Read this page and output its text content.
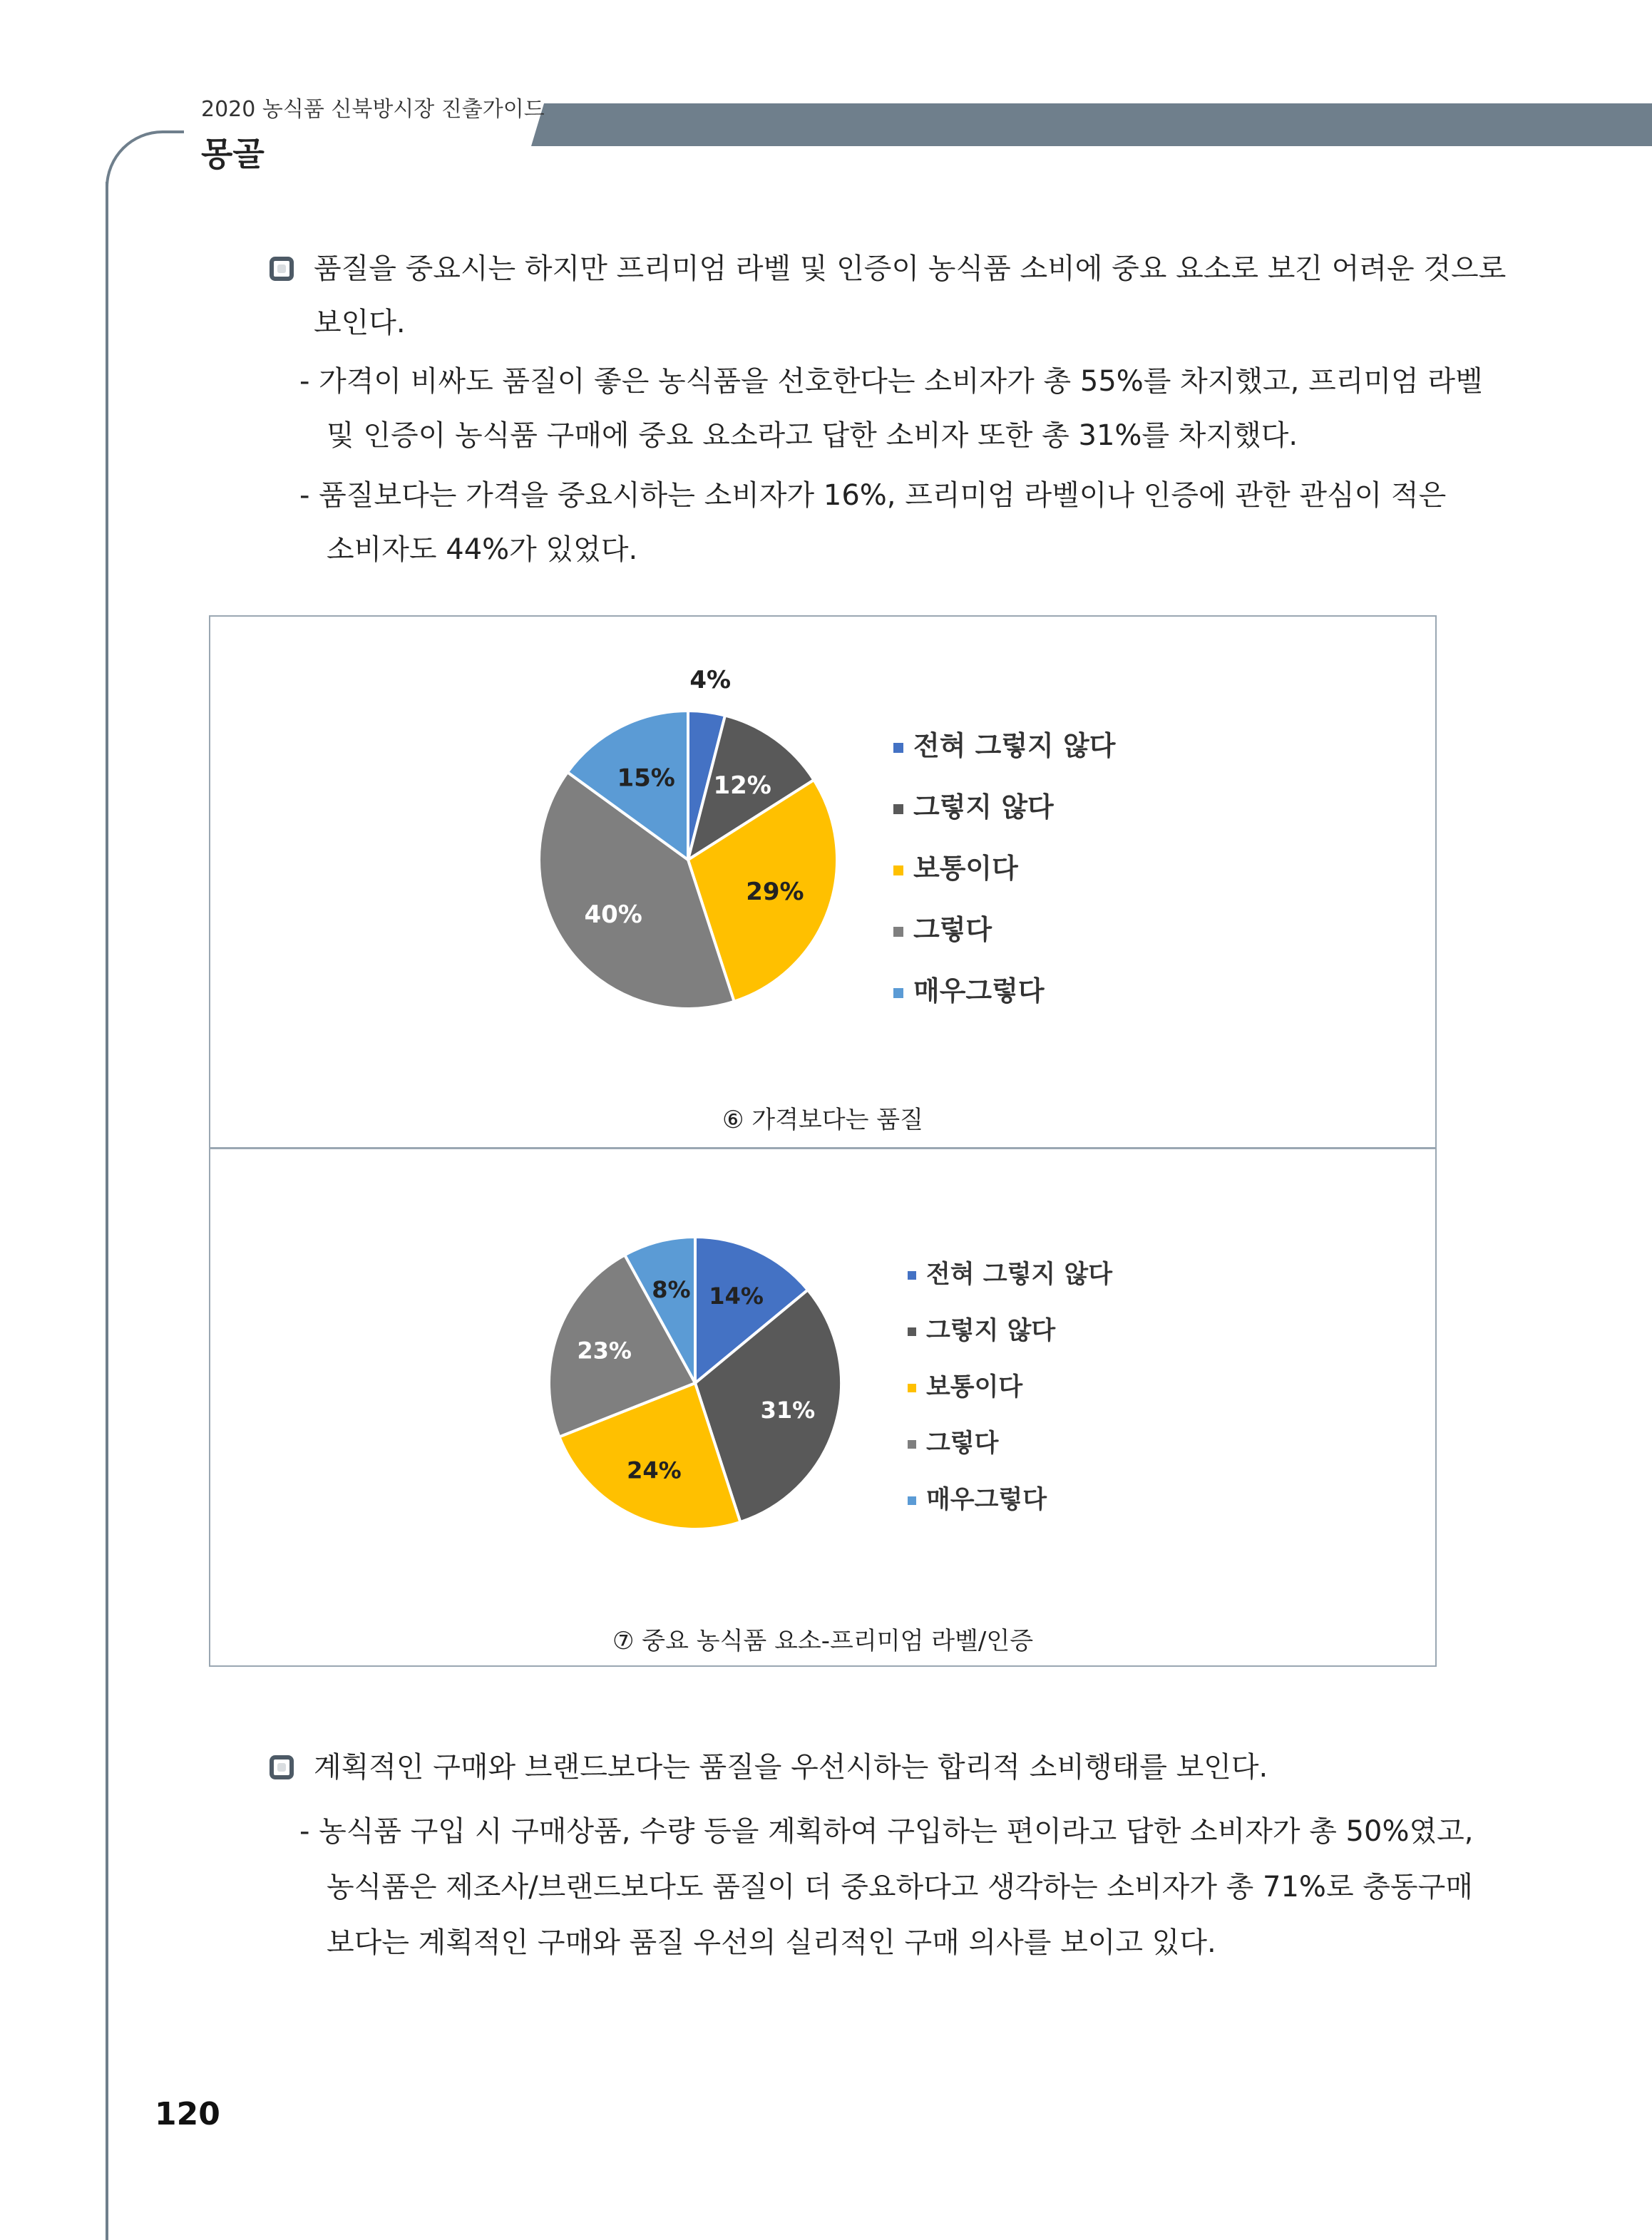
2020 농식품 신북방시장 진출가이드
몽골
품질을 중요시는 하지만 프리미엄 라벨 및 인증이 농식품 소비에 중요 요소로 보긴 어려운 것으로
보인다.
- 가격이 비싸도 품질이 좋은 농식품을 선호한다는 소비자가 총 55%를 차지했고, 프리미엄 라벨
및 인증이 농식품 구매에 중요 요소라고 답한 소비자 또한 총 31%를 차지했다.
- 품질보다는 가격을 중요시하는 소비자가 16%, 프리미엄 라벨이나 인증에 관한 관심이 적은
소비자도 44%가 있었다.
4%
12%
29%
40%
15%
전혀 그렇지 않다
그렇지 않다
보통이다
그렇다
매우그렇다
⑥ 가격보다는 품질
14%
31%
24%
23%
8%
전혀 그렇지 않다
그렇지 않다
보통이다
그렇다
매우그렇다
⑦ 중요 농식품 요소-프리미엄 라벨/인증
계획적인 구매와 브랜드보다는 품질을 우선시하는 합리적 소비행태를 보인다.
- 농식품 구입 시 구매상품, 수량 등을 계획하여 구입하는 편이라고 답한 소비자가 총 50%였고,
농식품은 제조사/브랜드보다도 품질이 더 중요하다고 생각하는 소비자가 총 71%로 충동구매
보다는 계획적인 구매와 품질 우선의 실리적인 구매 의사를 보이고 있다.
120
